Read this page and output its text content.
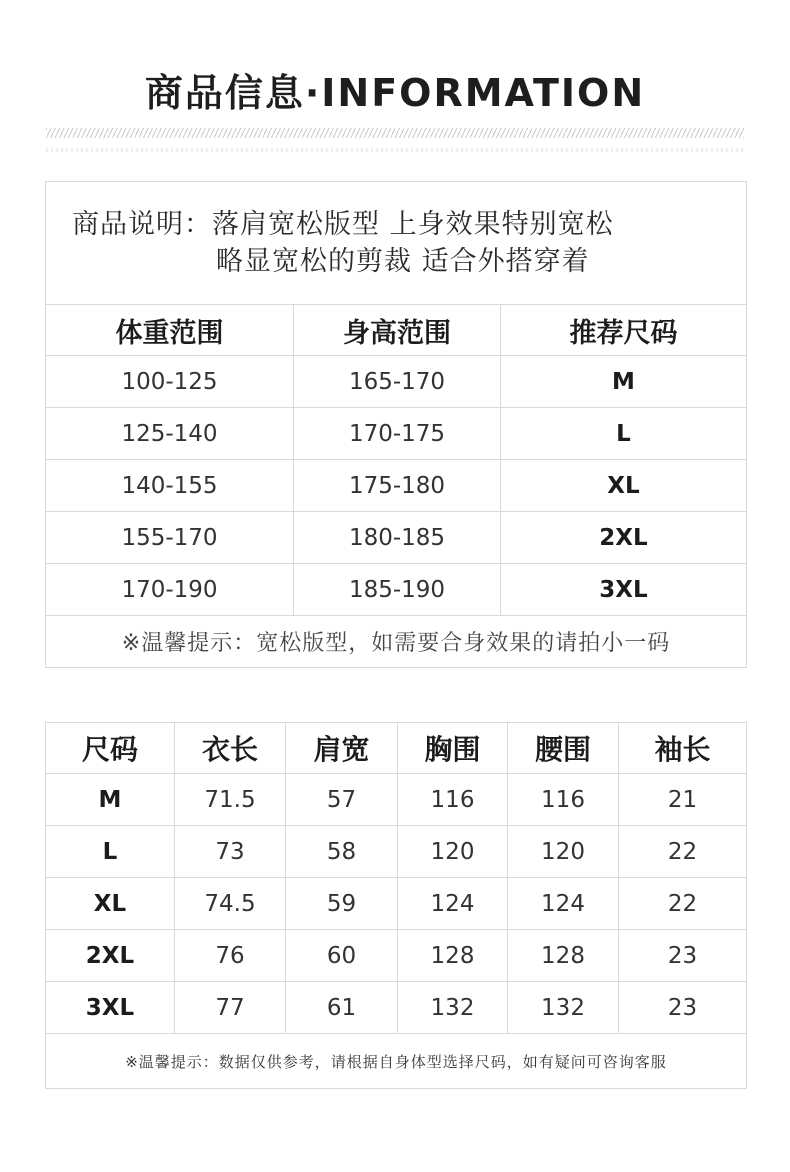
商品信息·INFORMATION
商品说明：落肩宽松版型 上身效果特别宽松
略显宽松的剪裁 适合外搭穿着		

体重范围	身高范围	推荐尺码
100-125	165-170	M
125-140	170-175	L
140-155	175-180	XL
155-170	180-185	2XL
170-190	185-190	3XL
※温馨提示：宽松版型，如需要合身效果的请拍小一码		
尺码	衣长	肩宽	胸围	腰围	袖长
M	71.5	57	116	116	21
L	73	58	120	120	22
XL	74.5	59	124	124	22
2XL	76	60	128	128	23
3XL	77	61	132	132	23
※温馨提示：数据仅供参考，请根据自身体型选择尺码，如有疑问可咨询客服					
